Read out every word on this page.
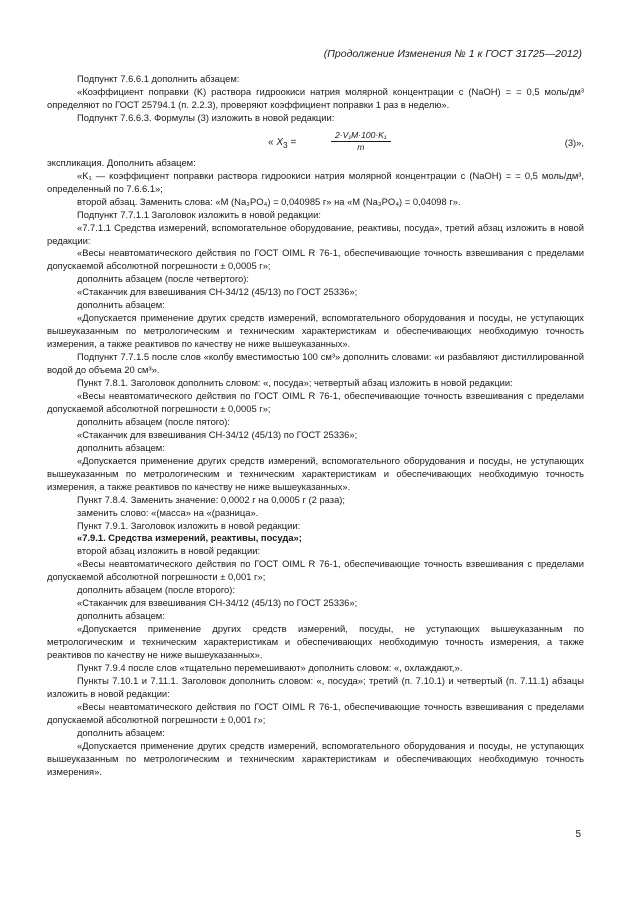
(Продолжение Изменения № 1 к ГОСТ 31725—2012)

Подпункт 7.6.6.1 дополнить абзацем:

«Коэффициент поправки (K) раствора гидроокиси натрия молярной концентрации c (NaOH) = = 0,5 моль/дм³ определяют по ГОСТ 25794.1 (п. 2.2.3), проверяют коэффициент поправки 1 раз в неделю».

Подпункт 7.6.6.3. Формулы (3) изложить в новой редакции:

« $X_3$ =	$\frac{\text{2·V₁M·100·K₁}}{m}$	(3)»,

экспликация. Дополнить абзацем:

«K₁ — коэффициент поправки раствора гидроокиси натрия молярной концентрации c (NaOH) = = 0,5 моль/дм³, определенный по 7.6.6.1»;

второй абзац. Заменить слова: «M (Na₃PO₄) = 0,040985 г» на «M (Na₃PO₄) = 0,04098 г».

Подпункт 7.7.1.1 Заголовок изложить в новой редакции:

«7.7.1.1 Средства измерений, вспомогательное оборудование, реактивы, посуда», третий абзац изложить в новой редакции:

«Весы неавтоматического действия по ГОСТ OIML R 76-1, обеспечивающие точность взвешивания с пределами допускаемой абсолютной погрешности ± 0,0005 г»;

дополнить абзацем (после четвертого):

«Стаканчик для взвешивания СН-34/12 (45/13) по ГОСТ 25336»;

дополнить абзацем:

«Допускается применение других средств измерений, вспомогательного оборудования и посуды, не уступающих вышеуказанным по метрологическим и техническим характеристикам и обеспечивающих необходимую точность измерения, а также реактивов по качеству не ниже вышеуказанных».

Подпункт 7.7.1.5 после слов «колбу вместимостью 100 см³» дополнить словами: «и разбавляют дистиллированной водой до объема 20 см³».

Пункт 7.8.1. Заголовок дополнить словом: «, посуда»; четвертый абзац изложить в новой редакции:

«Весы неавтоматического действия по ГОСТ OIML R 76-1, обеспечивающие точность взвешивания с пределами допускаемой абсолютной погрешности ± 0,0005 г»;

дополнить абзацем (после пятого):

«Стаканчик для взвешивания СН-34/12 (45/13) по ГОСТ 25336»;

дополнить абзацем:

«Допускается применение других средств измерений, вспомогательного оборудования и посуды, не уступающих вышеуказанным по метрологическим и техническим характеристикам и обеспечивающих необходимую точность измерения, а также реактивов по качеству не ниже вышеуказанных».

Пункт 7.8.4. Заменить значение: 0,0002 г на 0,0005 г (2 раза);

заменить слово: «(масса» на «(разница».

Пункт 7.9.1. Заголовок изложить в новой редакции:

«7.9.1. Средства измерений, реактивы, посуда»;

второй абзац изложить в новой редакции:

«Весы неавтоматического действия по ГОСТ OIML R 76-1, обеспечивающие точность взвешивания с пределами допускаемой абсолютной погрешности ± 0,001 г»;

дополнить абзацем (после второго):

«Стаканчик для взвешивания СН-34/12 (45/13) по ГОСТ 25336»;

дополнить абзацем:

«Допускается применение других средств измерений, посуды, не уступающих вышеуказанным по метрологическим и техническим характеристикам и обеспечивающих необходимую точность измерения, а также реактивов по качеству не ниже вышеуказанных».

Пункт 7.9.4 после слов «тщательно перемешивают» дополнить словом: «, охлаждают,».

Пункты 7.10.1 и 7.11.1. Заголовок дополнить словом: «, посуда»; третий (п. 7.10.1) и четвертый (п. 7.11.1) абзацы изложить в новой редакции:

«Весы неавтоматического действия по ГОСТ OIML R 76-1, обеспечивающие точность взвешивания с пределами допускаемой абсолютной погрешности ± 0,001 г»;

дополнить абзацем:

«Допускается применение других средств измерений, вспомогательного оборудования и посуды, не уступающих вышеуказанным по метрологическим и техническим характеристикам и обеспечивающих необходимую точность измерения».

5
